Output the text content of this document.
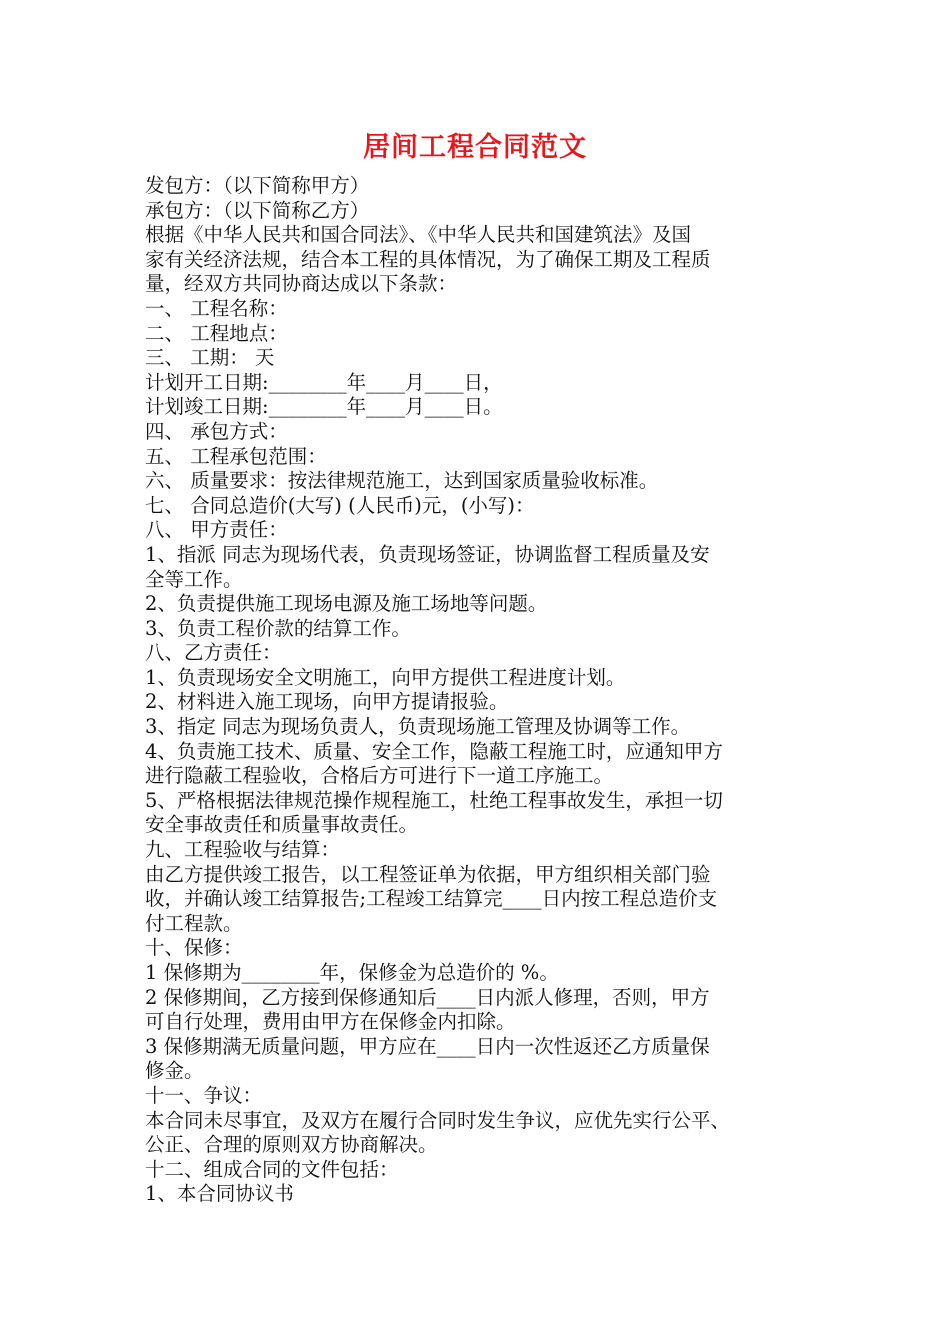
居间工程合同范文
发包方：（以下简称甲方）
承包方：（以下简称乙方）
根据《中华人民共和国合同法》、《中华人民共和国建筑法》及国
家有关经济法规，结合本工程的具体情况，为了确保工期及工程质
量，经双方共同协商达成以下条款：
一、 工程名称：
二、 工程地点：
三、 工期： 天
计划开工日期:________年____月____日，
计划竣工日期:________年____月____日。
四、 承包方式：
五、 工程承包范围：
六、 质量要求：按法律规范施工，达到国家质量验收标准。
七、 合同总造价(大写) (人民币)元，(小写)：
八、 甲方责任：
1、指派 同志为现场代表，负责现场签证，协调监督工程质量及安
全等工作。
2、负责提供施工现场电源及施工场地等问题。
3、负责工程价款的结算工作。
八、乙方责任：
1、负责现场安全文明施工，向甲方提供工程进度计划。
2、材料进入施工现场，向甲方提请报验。
3、指定 同志为现场负责人，负责现场施工管理及协调等工作。
4、负责施工技术、质量、安全工作，隐蔽工程施工时，应通知甲方
进行隐蔽工程验收，合格后方可进行下一道工序施工。
5、严格根据法律规范操作规程施工，杜绝工程事故发生，承担一切
安全事故责任和质量事故责任。
九、工程验收与结算：
由乙方提供竣工报告，以工程签证单为依据，甲方组织相关部门验
收，并确认竣工结算报告;工程竣工结算完____日内按工程总造价支
付工程款。
十、保修：
1 保修期为________年，保修金为总造价的 %。
2 保修期间，乙方接到保修通知后____日内派人修理，否则，甲方
可自行处理，费用由甲方在保修金内扣除。
3 保修期满无质量问题，甲方应在____日内一次性返还乙方质量保
修金。
十一、争议：
本合同未尽事宜，及双方在履行合同时发生争议，应优先实行公平、
公正、合理的原则双方协商解决。
十二、组成合同的文件包括：
1、本合同协议书
